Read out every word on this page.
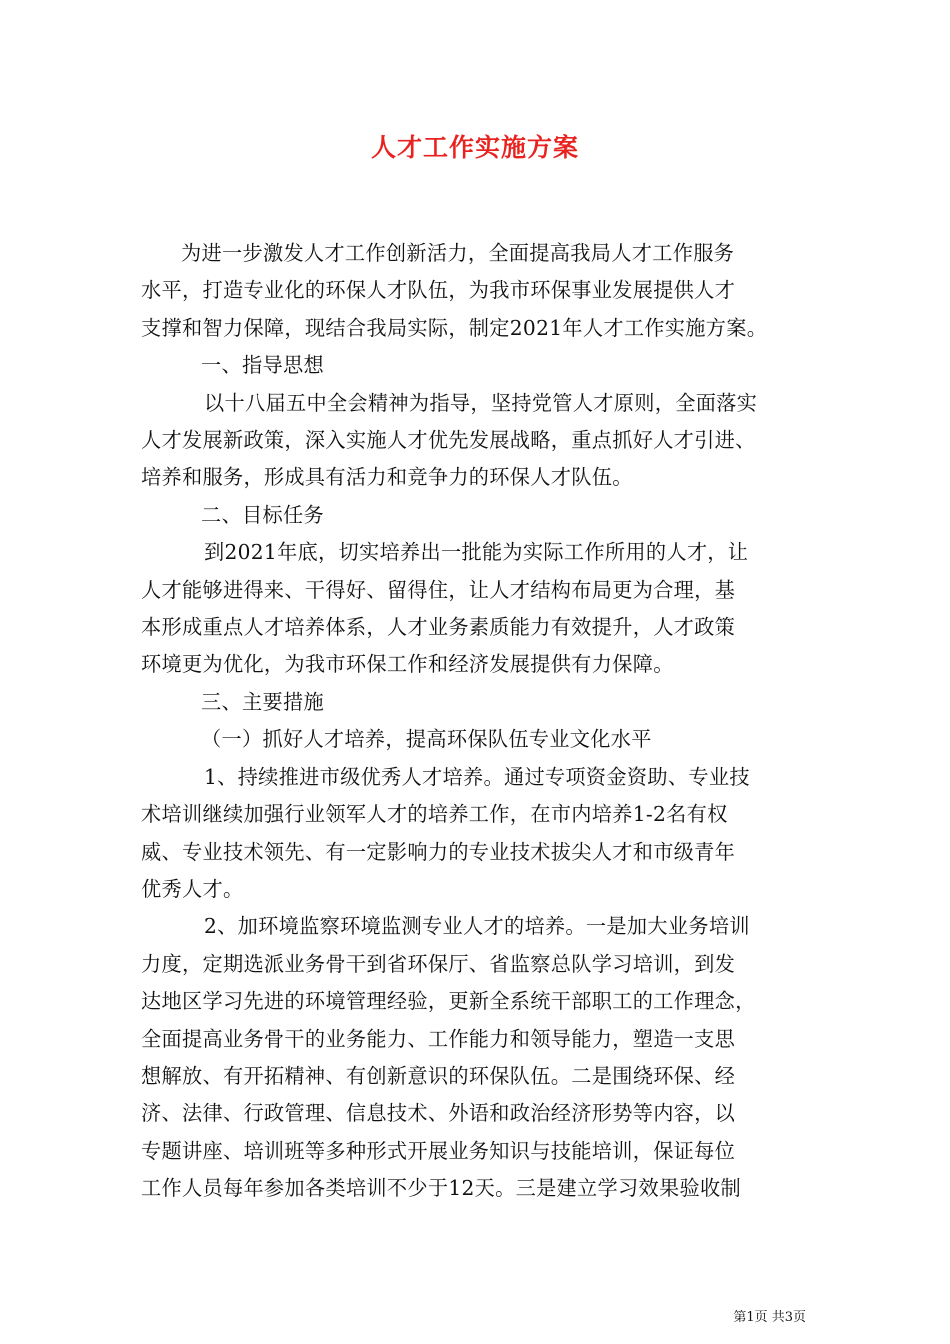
人才工作实施方案
为进一步激发人才工作创新活力，全面提高我局人才工作服务
水平，打造专业化的环保人才队伍，为我市环保事业发展提供人才
支撑和智力保障，现结合我局实际，制定2021年人才工作实施方案。
一、指导思想
以十八届五中全会精神为指导，坚持党管人才原则，全面落实
人才发展新政策，深入实施人才优先发展战略，重点抓好人才引进、
培养和服务，形成具有活力和竞争力的环保人才队伍。
二、目标任务
到2021年底，切实培养出一批能为实际工作所用的人才，让
人才能够进得来、干得好、留得住，让人才结构布局更为合理，基
本形成重点人才培养体系，人才业务素质能力有效提升，人才政策
环境更为优化，为我市环保工作和经济发展提供有力保障。
三、主要措施
（一）抓好人才培养，提高环保队伍专业文化水平
1、持续推进市级优秀人才培养。通过专项资金资助、专业技
术培训继续加强行业领军人才的培养工作，在市内培养1-2名有权
威、专业技术领先、有一定影响力的专业技术拔尖人才和市级青年
优秀人才。
2、加环境监察环境监测专业人才的培养。一是加大业务培训
力度，定期选派业务骨干到省环保厅、省监察总队学习培训，到发
达地区学习先进的环境管理经验，更新全系统干部职工的工作理念，
全面提高业务骨干的业务能力、工作能力和领导能力，塑造一支思
想解放、有开拓精神、有创新意识的环保队伍。二是围绕环保、经
济、法律、行政管理、信息技术、外语和政治经济形势等内容，以
专题讲座、培训班等多种形式开展业务知识与技能培训，保证每位
工作人员每年参加各类培训不少于12天。三是建立学习效果验收制
第1页 共3页
